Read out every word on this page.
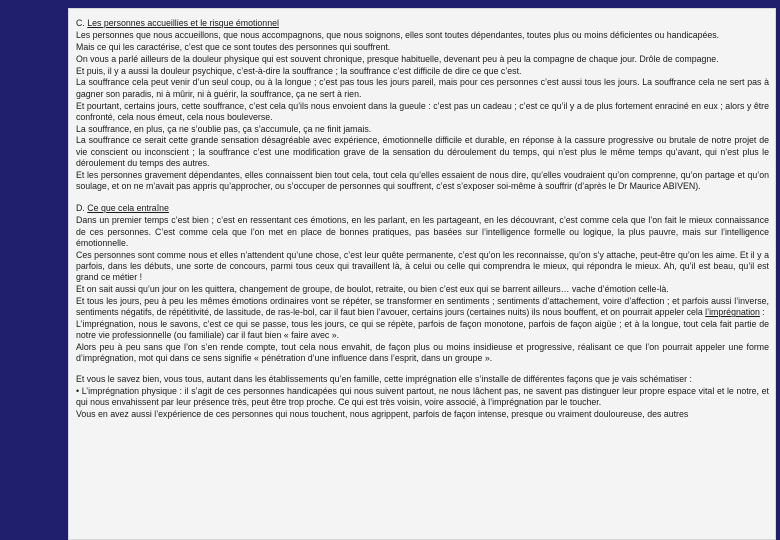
C. Les personnes accueillies et le risque émotionnel
Les personnes que nous accueillons, que nous accompagnons, que nous soignons, elles sont toutes dépendantes, toutes plus ou moins déficientes ou handicapées.
Mais ce qui les caractérise, c’est que ce sont toutes des personnes qui souffrent.
On vous a parlé ailleurs de la douleur physique qui est souvent chronique, presque habituelle, devenant peu à peu la compagne de chaque jour. Drôle de compagne.
Et puis, il y a aussi la douleur psychique, c’est-à-dire la souffrance ; la souffrance c’est difficile de dire ce que c’est.
La souffrance cela peut venir d’un seul coup, ou à la longue ; c’est pas tous les jours pareil, mais pour ces personnes c’est aussi tous les jours. La souffrance cela ne sert pas à gagner son paradis, ni à mûrir, ni à guérir, la souffrance, ça ne sert à rien.
Et pourtant, certains jours, cette souffrance, c’est cela qu’ils nous envoient dans la gueule : c’est pas un cadeau ; c’est ce qu’il y a de plus fortement enraciné en eux ; alors y être confronté, cela nous émeut, cela nous bouleverse.
La souffrance, en plus, ça ne s’oublie pas, ça s’accumule, ça ne finit jamais.
La souffrance ce serait cette grande sensation désagréable avec expérience, émotionnelle difficile et durable, en réponse à la cassure progressive ou brutale de notre projet de vie conscient ou inconscient ; la souffrance c’est une modification grave de la sensation du déroulement du temps, qui n’est plus le même temps qu’avant, qui n’est plus le déroulement du temps des autres.
Et les personnes gravement dépendantes, elles connaissent bien tout cela, tout cela qu’elles essaient de nous dire, qu’elles voudraient qu’on comprenne, qu’on partage et qu’on soulage, et on ne m’avait pas appris qu’approcher, ou s’occuper de personnes qui souffrent, c’est s’exposer soi-même à souffrir (d’après le Dr Maurice ABIVEN).
D. Ce que cela entraîne
Dans un premier temps c’est bien ; c’est en ressentant ces émotions, en les parlant, en les partageant, en les découvrant, c’est comme cela que l’on fait le mieux connaissance de ces personnes. C’est comme cela que l’on met en place de bonnes pratiques, pas basées sur l’intelligence formelle ou logique, la plus pauvre, mais sur l’intelligence émotionnelle.
Ces personnes sont comme nous et elles n’attendent qu’une chose, c’est leur quête permanente, c’est qu’on les reconnaisse, qu’on s’y attache, peut-être qu’on les aime. Et il y a parfois, dans les débuts, une sorte de concours, parmi tous ceux qui travaillent là, à celui ou celle qui comprendra le mieux, qui répondra le mieux. Ah, qu’il est beau, qu’il est grand ce métier !
Et on sait aussi qu’un jour on les quittera, changement de groupe, de boulot, retraite, ou bien c’est eux qui se barrent ailleurs… vache d’émotion celle-là.
Et tous les jours, peu à peu les mêmes émotions ordinaires vont se répéter, se transformer en sentiments ; sentiments d’attachement, voire d’affection ; et parfois aussi l’inverse, sentiments négatifs, de répétitivité, de lassitude, de ras-le-bol, car il faut bien l’avouer, certains jours (certaines nuits) ils nous bouffent, et on pourrait appeler cela l’imprégnation :
L’imprégnation, nous le savons, c’est ce qui se passe, tous les jours, ce qui se répète, parfois de façon monotone, parfois de façon aigüe ; et à la longue, tout cela fait partie de notre vie professionnelle (ou familiale) car il faut bien « faire avec ».
Alors peu à peu sans que l’on s’en rende compte, tout cela nous envahit, de façon plus ou moins insidieuse et progressive, réalisant ce que l’on pourrait appeler une forme d’imprégnation, mot qui dans ce sens signifie « pénétration d’une influence dans l’esprit, dans un groupe ».
Et vous le savez bien, vous tous, autant dans les établissements qu’en famille, cette imprégnation elle s’installe de différentes façons que je vais schématiser :
• L’imprégnation physique : il s’agit de ces personnes handicapées qui nous suivent partout, ne nous lâchent pas, ne savent pas distinguer leur propre espace vital et le notre, et qui nous envahissent par leur présence très, peut être trop proche. Ce qui est très voisin, voire associé, à l’imprégnation par le toucher.
Vous en avez aussi l’expérience de ces personnes qui nous touchent, nous agrippent, parfois de façon intense, presque ou vraiment douloureuse, des autres
